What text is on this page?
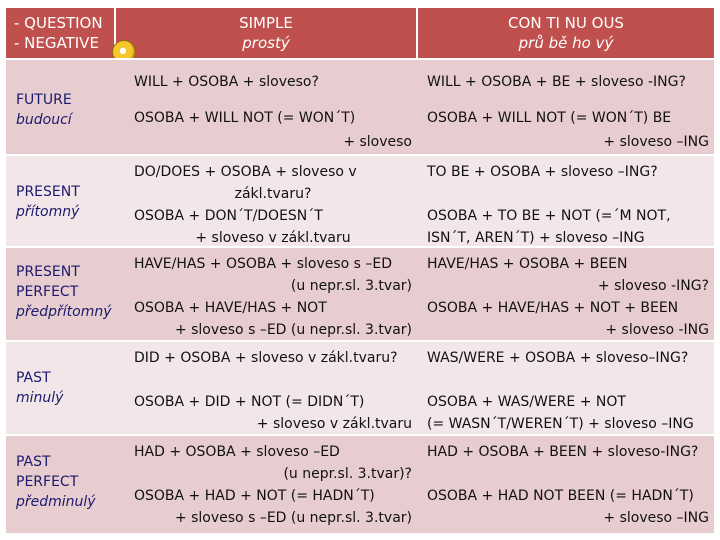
- QUESTION
- NEGATIVE
SIMPLE
prostý
CON TI NU OUS
prů bě ho vý
FUTURE
budoucí
WILL + OSOBA + sloveso?
OSOBA + WILL NOT (= WON´T)
+ sloveso
WILL + OSOBA + BE + sloveso -ING?
OSOBA + WILL NOT (= WON´T) BE
+ sloveso –ING
PRESENT
přítomný
DO/DOES + OSOBA + sloveso v
zákl.tvaru?
OSOBA + DON´T/DOESN´T
+ sloveso v zákl.tvaru
TO BE + OSOBA + sloveso –ING?
OSOBA + TO BE + NOT (=´M NOT,
ISN´T, AREN´T) + sloveso –ING
PRESENT
PERFECT
předpřítomný
HAVE/HAS + OSOBA + sloveso s –ED
(u nepr.sl. 3.tvar)
OSOBA + HAVE/HAS + NOT
+ sloveso s –ED (u nepr.sl. 3.tvar)
HAVE/HAS + OSOBA + BEEN
+ sloveso -ING?
OSOBA + HAVE/HAS + NOT + BEEN
+ sloveso -ING
PAST
minulý
DID + OSOBA + sloveso v zákl.tvaru?
OSOBA + DID + NOT (= DIDN´T)
+ sloveso v zákl.tvaru
WAS/WERE + OSOBA + sloveso–ING?
OSOBA + WAS/WERE + NOT
(= WASN´T/WEREN´T) + sloveso –ING
PAST
PERFECT
předminulý
HAD + OSOBA + sloveso –ED
(u nepr.sl. 3.tvar)?
OSOBA + HAD + NOT (= HADN´T)
+ sloveso s –ED (u nepr.sl. 3.tvar)
HAD + OSOBA + BEEN + sloveso-ING?
OSOBA + HAD NOT BEEN (= HADN´T)
+ sloveso –ING
